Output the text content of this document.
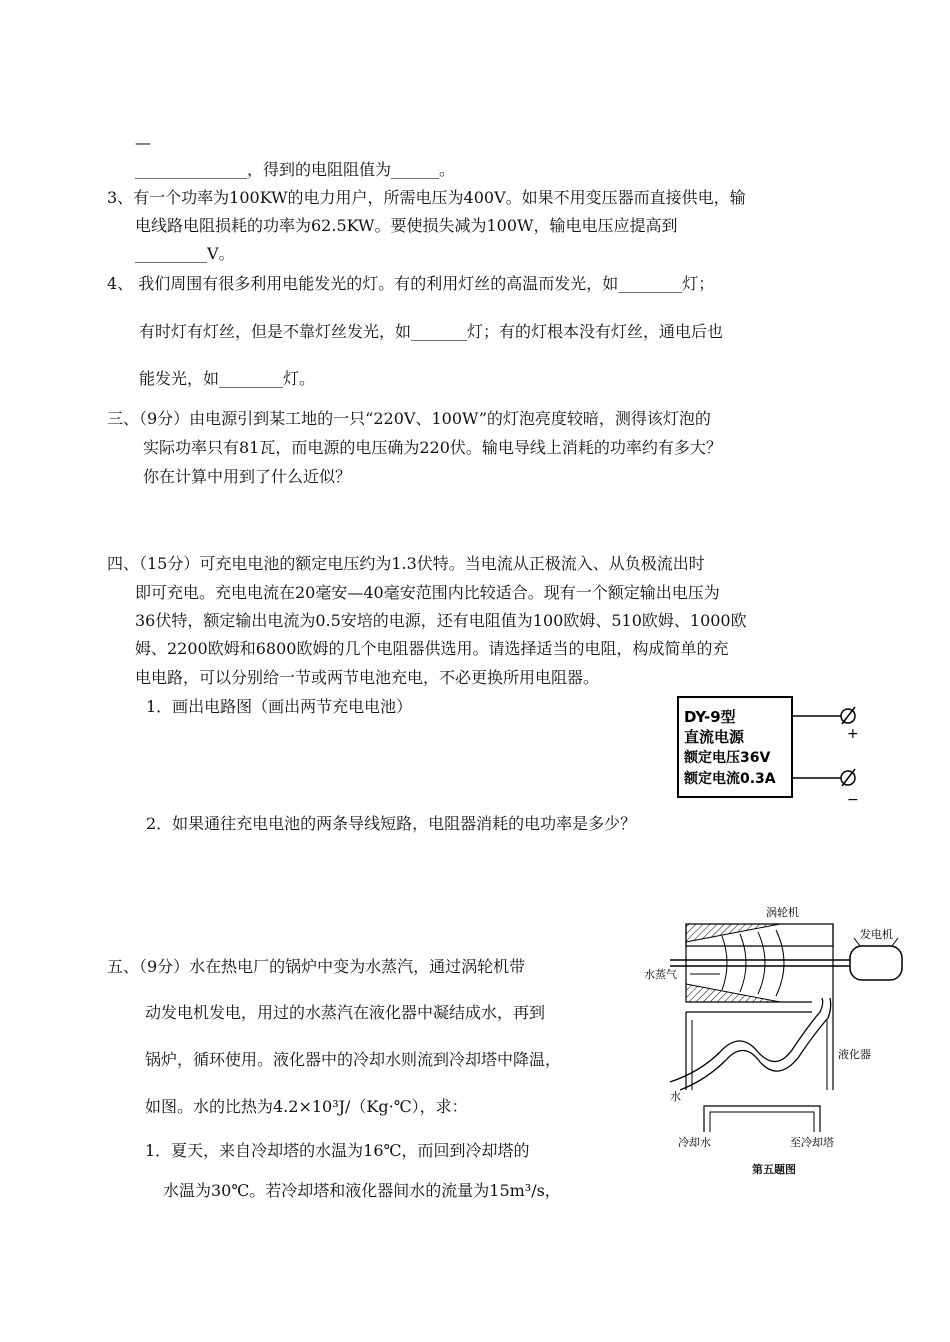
—
______________，得到的电阻阻值为______。
3、有一个功率为100KW的电力用户，所需电压为400V。如果不用变压器而直接供电，输
电线路电阻损耗的功率为62.5KW。要使损失减为100W，输电电压应提高到
_________V。
4、 我们周围有很多利用电能发光的灯。有的利用灯丝的高温而发光，如________灯；
有时灯有灯丝，但是不靠灯丝发光，如_______灯；有的灯根本没有灯丝，通电后也
能发光，如________灯。
三、（9分）由电源引到某工地的一只“220V、100W”的灯泡亮度较暗，测得该灯泡的
实际功率只有81瓦，而电源的电压确为220伏。输电导线上消耗的功率约有多大？
你在计算中用到了什么近似？
四、（15分）可充电电池的额定电压约为1.3伏特。当电流从正极流入、从负极流出时
即可充电。充电电流在20毫安—40毫安范围内比较适合。现有一个额定输出电压为
36伏特，额定输出电流为0.5安培的电源，还有电阻值为100欧姆、510欧姆、1000欧
姆、2200欧姆和6800欧姆的几个电阻器供选用。请选择适当的电阻，构成简单的充
电电路，可以分别给一节或两节电池充电，不必更换所用电阻器。
1．画出电路图（画出两节充电电池）
2．如果通往充电电池的两条导线短路，电阻器消耗的电功率是多少？
五、（9分）水在热电厂的锅炉中变为水蒸汽，通过涡轮机带
动发电机发电，用过的水蒸汽在液化器中凝结成水，再到
锅炉，循环使用。液化器中的冷却水则流到冷却塔中降温，
如图。水的比热为4.2×10³J/（Kg·℃），求：
1．夏天，来自冷却塔的水温为16℃，而回到冷却塔的
水温为30℃。若冷却塔和液化器间水的流量为15m³/s，
DY-9型
直流电源
额定电压36V
额定电流0.3A
+
−
涡轮机
水蒸气
发电机
水
液化器
冷却水	至冷却塔
第五题图
